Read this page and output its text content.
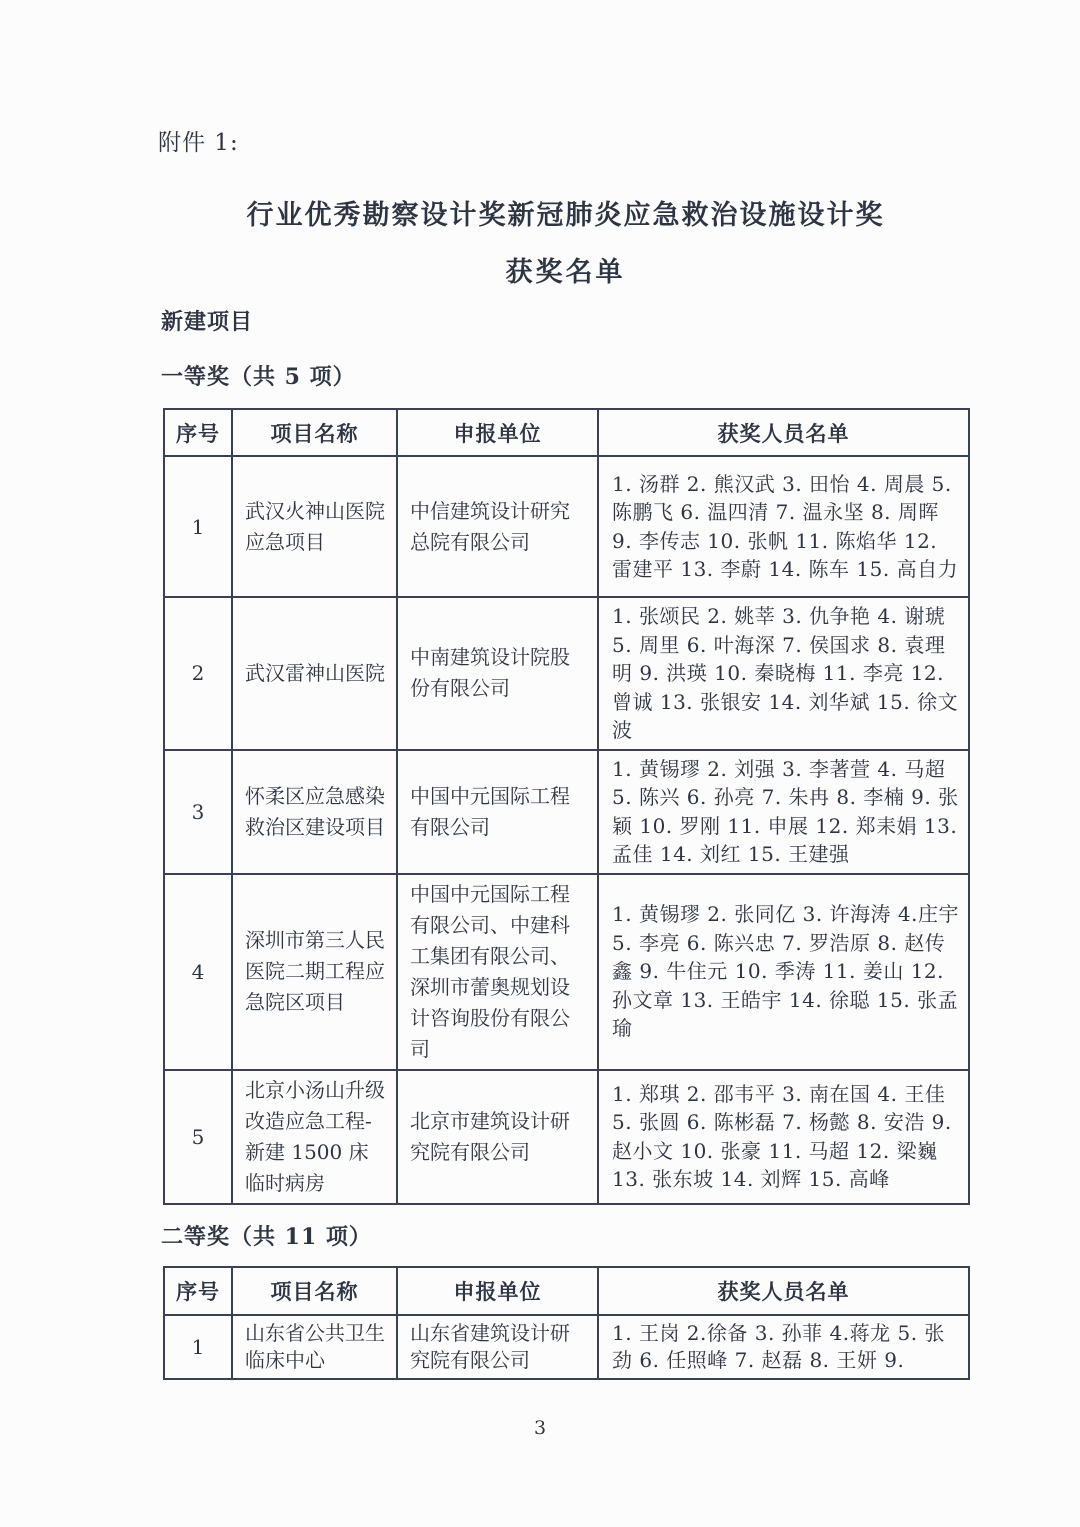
附件 1:
行业优秀勘察设计奖新冠肺炎应急救治设施设计奖
获奖名单
新建项目
一等奖（共 5 项）
序号	项目名称	申报单位	获奖人员名单
1	武汉火神山医院应急项目	中信建筑设计研究总院有限公司	1. 汤群 2. 熊汉武 3. 田怡 4. 周晨 5. 陈鹏飞 6. 温四清 7. 温永坚 8. 周晖 9. 李传志 10. 张帆 11. 陈焰华 12. 雷建平 13. 李蔚 14. 陈车 15. 高自力
2	武汉雷神山医院	中南建筑设计院股份有限公司	1. 张颂民 2. 姚莘 3. 仇争艳 4. 谢琥 5. 周里 6. 叶海深 7. 侯国求 8. 袁理明 9. 洪瑛 10. 秦晓梅 11. 李亮 12. 曾诚 13. 张银安 14. 刘华斌 15. 徐文波
3	怀柔区应急感染救治区建设项目	中国中元国际工程有限公司	1. 黄锡璆 2. 刘强 3. 李著萱 4. 马超 5. 陈兴 6. 孙亮 7. 朱冉 8. 李楠 9. 张颖 10. 罗刚 11. 申展 12. 郑耒娟 13. 孟佳 14. 刘红 15. 王建强
4	深圳市第三人民医院二期工程应急院区项目	中国中元国际工程有限公司、中建科工集团有限公司、深圳市蕾奥规划设计咨询股份有限公司	1. 黄锡璆 2. 张同亿 3. 许海涛 4.庄宇 5. 李亮 6. 陈兴忠 7. 罗浩原 8. 赵传鑫 9. 牛住元 10. 季涛 11. 姜山 12. 孙文章 13. 王皓宇 14. 徐聪 15. 张孟瑜
5	北京小汤山升级改造应急工程-新建 1500 床临时病房	北京市建筑设计研究院有限公司	1. 郑琪 2. 邵韦平 3. 南在国 4. 王佳 5. 张圆 6. 陈彬磊 7. 杨懿 8. 安浩 9. 赵小文 10. 张豪 11. 马超 12. 梁巍 13. 张东坡 14. 刘辉 15. 高峰
二等奖（共 11 项）
序号	项目名称	申报单位	获奖人员名单
1	山东省公共卫生临床中心	山东省建筑设计研究院有限公司	1. 王岗 2.徐备 3. 孙菲 4.蒋龙 5. 张劲 6. 任照峰 7. 赵磊 8. 王妍 9.
3
